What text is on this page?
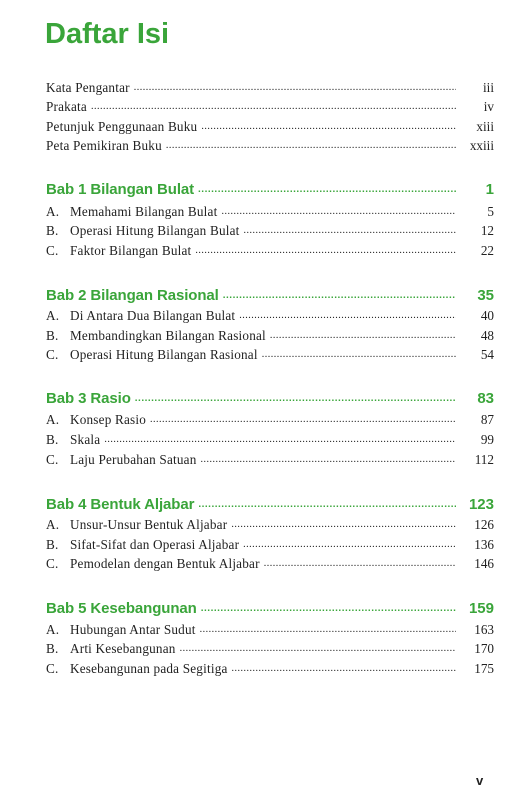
Daftar Isi
Kata Pengantar .....	iii
Prakata .....	iv
Petunjuk Penggunaan Buku .....	xiii
Peta Pemikiran Buku .....	xxiii
Bab 1 Bilangan Bulat .....	1
A. Memahami Bilangan Bulat .....	5
B. Operasi Hitung Bilangan Bulat .....	12
C. Faktor Bilangan Bulat .....	22
Bab 2 Bilangan Rasional .....	35
A. Di Antara Dua Bilangan Bulat .....	40
B. Membandingkan Bilangan Rasional .....	48
C. Operasi Hitung Bilangan Rasional .....	54
Bab 3 Rasio .....	83
A. Konsep Rasio .....	87
B. Skala .....	99
C. Laju Perubahan Satuan .....	112
Bab 4 Bentuk Aljabar .....	123
A. Unsur-Unsur Bentuk Aljabar .....	126
B. Sifat-Sifat dan Operasi Aljabar .....	136
C. Pemodelan dengan Bentuk Aljabar .....	146
Bab 5 Kesebangunan .....	159
A. Hubungan Antar Sudut .....	163
B. Arti Kesebangunan .....	170
C. Kesebangunan pada Segitiga .....	175
v
